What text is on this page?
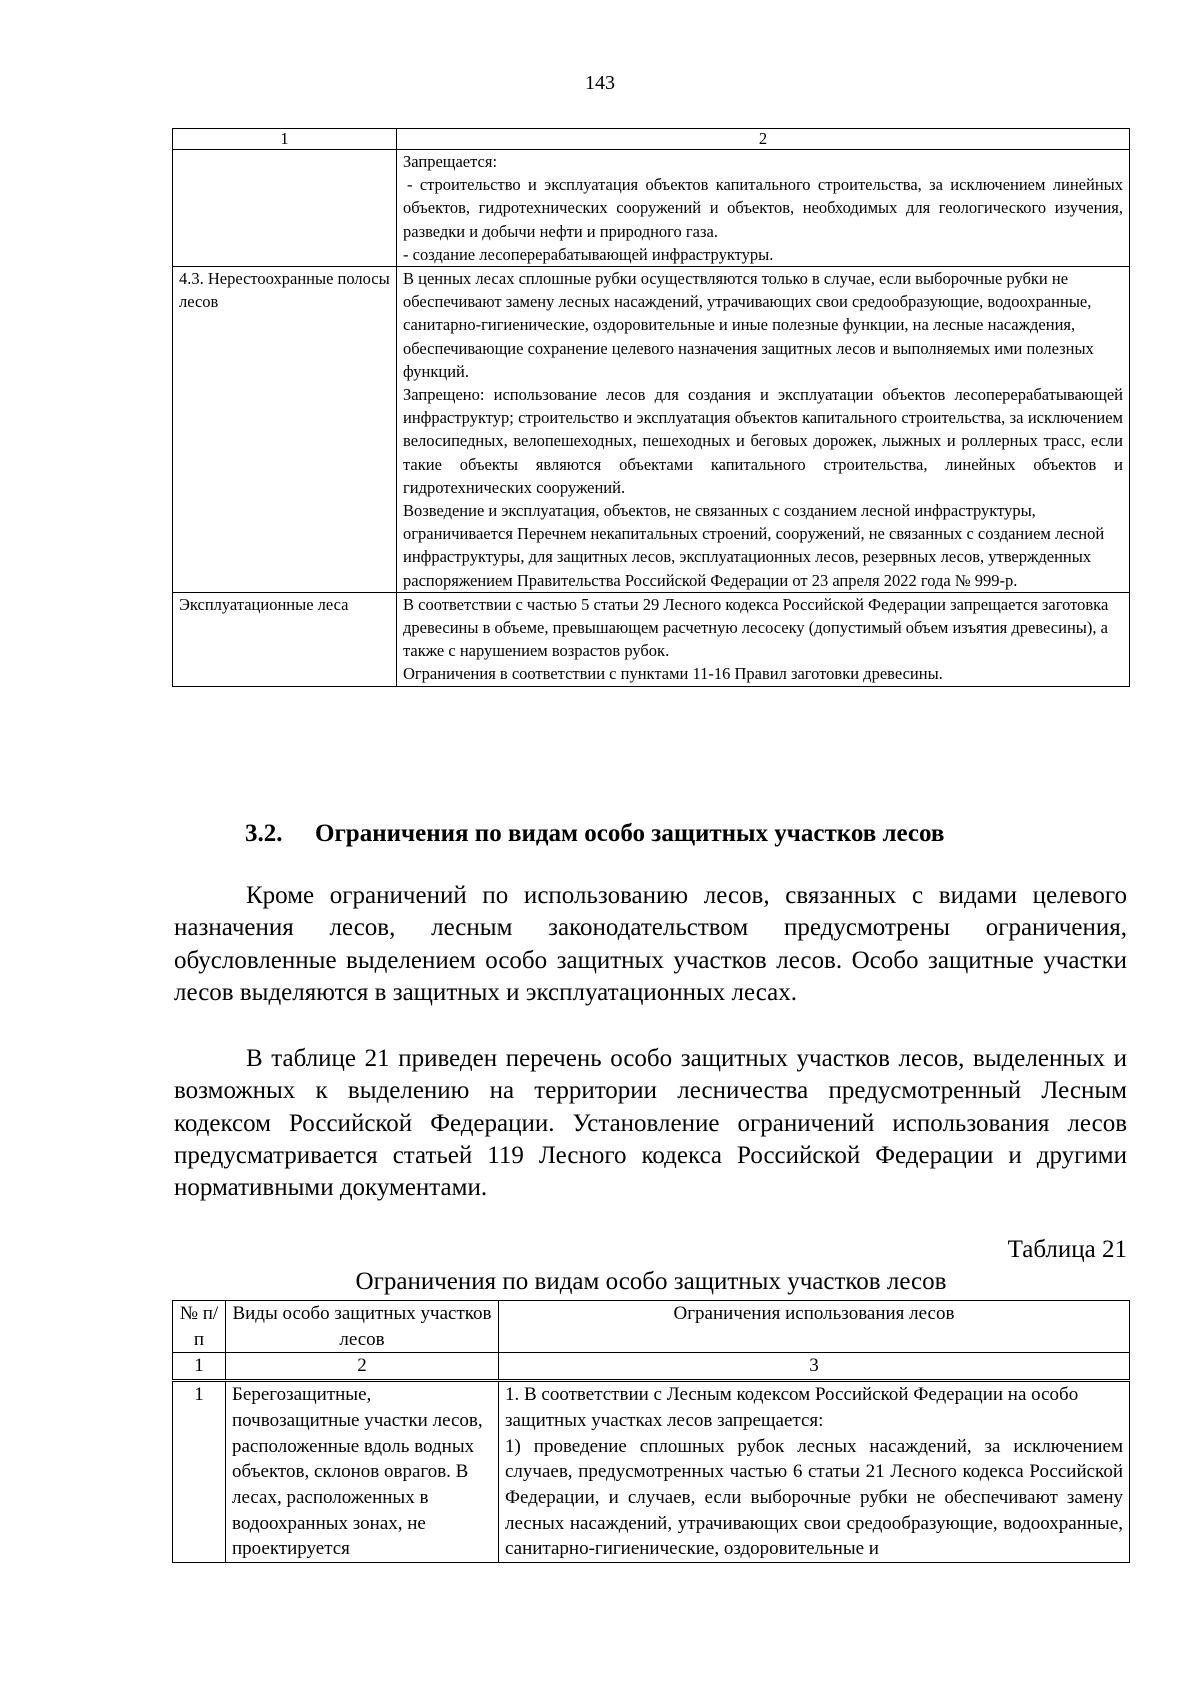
143
1	2

	Запрещается:

- строительство и эксплуатация объектов капитального строительства, за исключением линейных объектов, гидротехнических сооружений и объектов, необходимых для геологического изучения, разведки и добычи нефти и природного газа.

- создание лесоперерабатывающей инфраструктуры.

4.3. Нерестоохранные полосы лесов	В ценных лесах сплошные рубки осуществляются только в случае, если выборочные рубки не обеспечивают замену лесных насаждений, утрачивающих свои средообразующие, водоохранные, санитарно-гигиенические, оздоровительные и иные полезные функции, на лесные насаждения, обеспечивающие сохранение целевого назначения защитных лесов и выполняемых ими полезных функций.

Запрещено: использование лесов для создания и эксплуатации объектов лесоперерабатывающей инфраструктур; строительство и эксплуатация объектов капитального строительства, за исключением велосипедных, велопешеходных, пешеходных и беговых дорожек, лыжных и роллерных трасс, если такие объекты являются объектами капитального строительства, линейных объектов и гидротехнических сооружений.

Возведение и эксплуатация, объектов, не связанных с созданием лесной инфраструктуры, ограничивается Перечнем некапитальных строений, сооружений, не связанных с созданием лесной инфраструктуры, для защитных лесов, эксплуатационных лесов, резервных лесов, утвержденных распоряжением Правительства Российской Федерации от 23 апреля 2022 года № 999-р.

Эксплуатационные леса	В соответствии с частью 5 статьи 29 Лесного кодекса Российской Федерации запрещается заготовка древесины в объеме, превышающем расчетную лесосеку (допустимый объем изъятия древесины), а также с нарушением возрастов рубок.

Ограничения в соответствии с пунктами 11-16 Правил заготовки древесины.

3.2. Ограничения по видам особо защитных участков лесов

Кроме ограничений по использованию лесов, связанных с видами целевого назначения лесов, лесным законодательством предусмотрены ограничения, обусловленные выделением особо защитных участков лесов. Особо защитные участки лесов выделяются в защитных и эксплуатационных лесах.

В таблице 21 приведен перечень особо защитных участков лесов, выделенных и возможных к выделению на территории лесничества предусмотренный Лесным кодексом Российской Федерации. Установление ограничений использования лесов предусматривается статьей 119 Лесного кодекса Российской Федерации и другими нормативными документами.

Таблица 21
Ограничения по видам особо защитных участков лесов
№ п/п	Виды особо защитных участков лесов	Ограничения использования лесов
1	2	3
1	Берегозащитные, почвозащитные участки лесов, расположенные вдоль водных объектов, склонов оврагов. В лесах, расположенных в водоохранных зонах, не проектируется	1. В соответствии с Лесным кодексом Российской Федерации на особо защитных участках лесов запрещается:

1) проведение сплошных рубок лесных насаждений, за исключением случаев, предусмотренных частью 6 статьи 21 Лесного кодекса Российской Федерации, и случаев, если выборочные рубки не обеспечивают замену лесных насаждений, утрачивающих свои средообразующие, водоохранные, санитарно-гигиенические, оздоровительные и
